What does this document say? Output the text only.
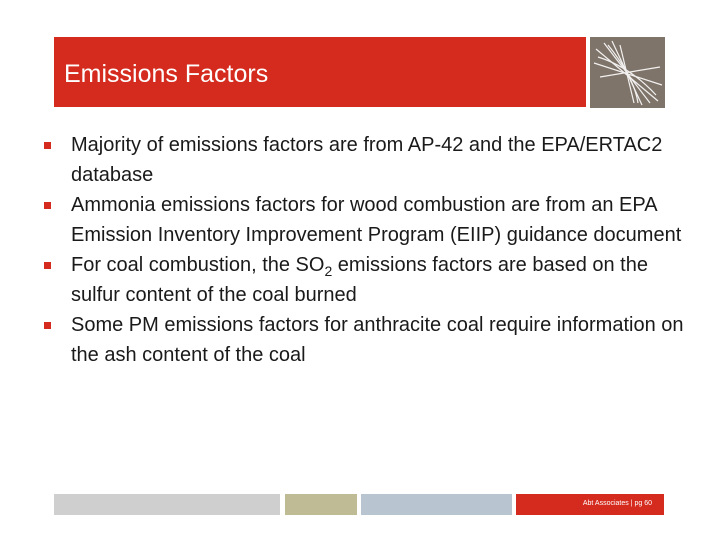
Emissions Factors
Majority of emissions factors are from AP-42 and the EPA/ERTAC2 database
Ammonia emissions factors for wood combustion are from an EPA Emission Inventory Improvement Program (EIIP) guidance document
For coal combustion, the $SO_2$ emissions factors are based on the sulfur content of the coal burned
Some PM emissions factors for anthracite coal require information on the ash content of the coal
Abt Associates | pg 60
